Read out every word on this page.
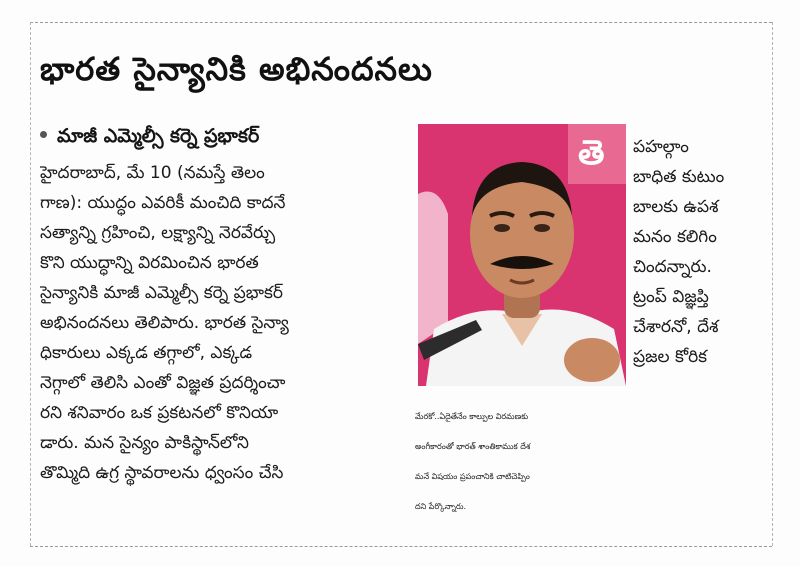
భారత సైన్యానికి అభినందనలు
మాజీ ఎమ్మెల్సీ కర్నె ప్రభాకర్
హైదరాబాద్, మే 10 (నమస్తే తెలం
గాణ): యుద్ధం ఎవరికీ మంచిది కాదనే
సత్యాన్ని గ్రహించి, లక్ష్యాన్ని నెరవేర్చు
కొని యుద్ధాన్ని విరమించిన భారత
సైన్యానికి మాజీ ఎమ్మెల్సీ కర్నె ప్రభాకర్
అభినందనలు తెలిపారు. భారత సైన్యా
ధికారులు ఎక్కడ తగ్గాలో, ఎక్కడ
నెగ్గాలో తెలిసి ఎంతో విజ్ఞత ప్రదర్శించా
రని శనివారం ఒక ప్రకటనలో కొనియా
డారు. మన సైన్యం పాకిస్థాన్‌లోని
తొమ్మిది ఉగ్ర స్థావరాలను ధ్వంసం చేసి
తె పహల్గాం
బాధిత కుటుం
బాలకు ఉపశ
మనం కలిగిం
చిందన్నారు.
ట్రంప్ విజ్ఞప్తి
చేశారనో, దేశ
ప్రజల కోరిక
మేరకో..ఏదైతేనేం కాల్పుల విరమణకు
అంగీకారంతో భారత్ శాంతికాముక దేశ
మనే విషయం ప్రపంచానికి చాటిచెప్పిం
దని పేర్కొన్నారు.
